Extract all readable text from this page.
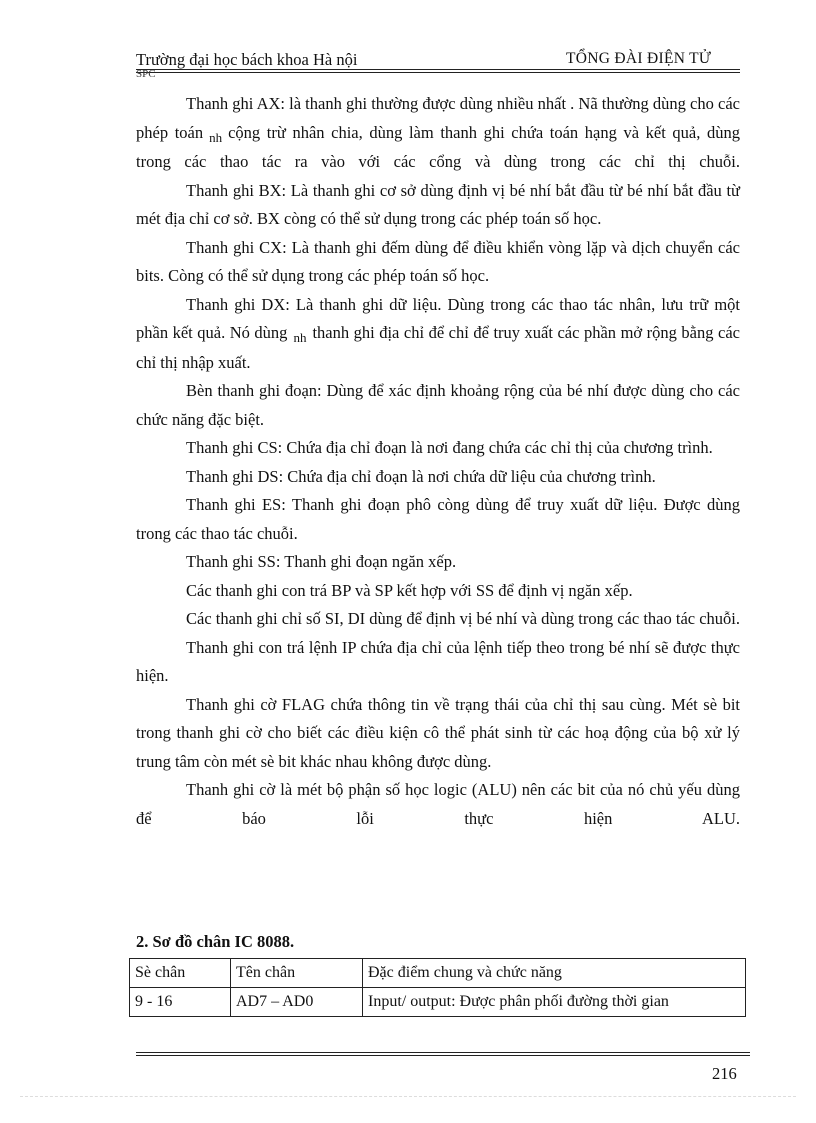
Trường đại học bách khoa Hà nội	TỔNG ĐÀI ĐIỆN TỬ
SPC

Thanh ghi AX: là thanh ghi thường được dùng nhiều nhất . Nã thường dùng cho các phép toán $_{nh}$ cộng trừ nhân chia, dùng làm thanh ghi chứa toán hạng và kết quả, dùng trong các thao tác ra vào với các cổng và dùng trong các chỉ thị chuỗi.

Thanh ghi BX: Là thanh ghi cơ sở dùng định vị bé nhí bắt đầu từ bé nhí bắt đầu từ mét địa chỉ cơ sở. BX còng có thể sử dụng trong các phép toán số học.

Thanh ghi CX: Là thanh ghi đếm dùng để điều khiển vòng lặp và dịch chuyển các bits. Còng có thể sử dụng trong các phép toán số học.

Thanh ghi DX: Là thanh ghi dữ liệu. Dùng trong các thao tác nhân, lưu trữ một phần kết quả. Nó dùng $_{nh}$ thanh ghi địa chỉ để chỉ để truy xuất các phần mở rộng bằng các chỉ thị nhập xuất.

Bèn thanh ghi đoạn: Dùng để xác định khoảng rộng của bé nhí được dùng cho các chức năng đặc biệt.

Thanh ghi CS: Chứa địa chỉ đoạn là nơi đang chứa các chỉ thị của chương trình.

Thanh ghi DS: Chứa địa chỉ đoạn là nơi chứa dữ liệu của chương trình.

Thanh ghi ES: Thanh ghi đoạn phô còng dùng để truy xuất dữ liệu. Được dùng trong các thao tác chuỗi.

Thanh ghi SS: Thanh ghi đoạn ngăn xếp.

Các thanh ghi con trá BP và SP kết hợp với SS để định vị ngăn xếp.

Các thanh ghi chỉ số SI, DI dùng để định vị bé nhí và dùng trong các thao tác chuỗi.

Thanh ghi con trá lệnh IP chứa địa chỉ của lệnh tiếp theo trong bé nhí sẽ được thực hiện.

Thanh ghi cờ FLAG chứa thông tin về trạng thái của chỉ thị sau cùng. Mét sè bit trong thanh ghi cờ cho biết các điều kiện cô thể phát sinh từ các hoạ động của bộ xử lý trung tâm còn mét sè bit khác nhau không được dùng.

Thanh ghi cờ là mét bộ phận số học logic (ALU) nên các bit của nó chủ yếu dùng để báo lỗi thực hiện ALU.

2. Sơ đồ chân IC 8088.
Sè chân	Tên chân	Đặc điểm chung và chức năng
9 - 16	AD7 – AD0	Input/ output: Được phân phối đường thời gian
216
